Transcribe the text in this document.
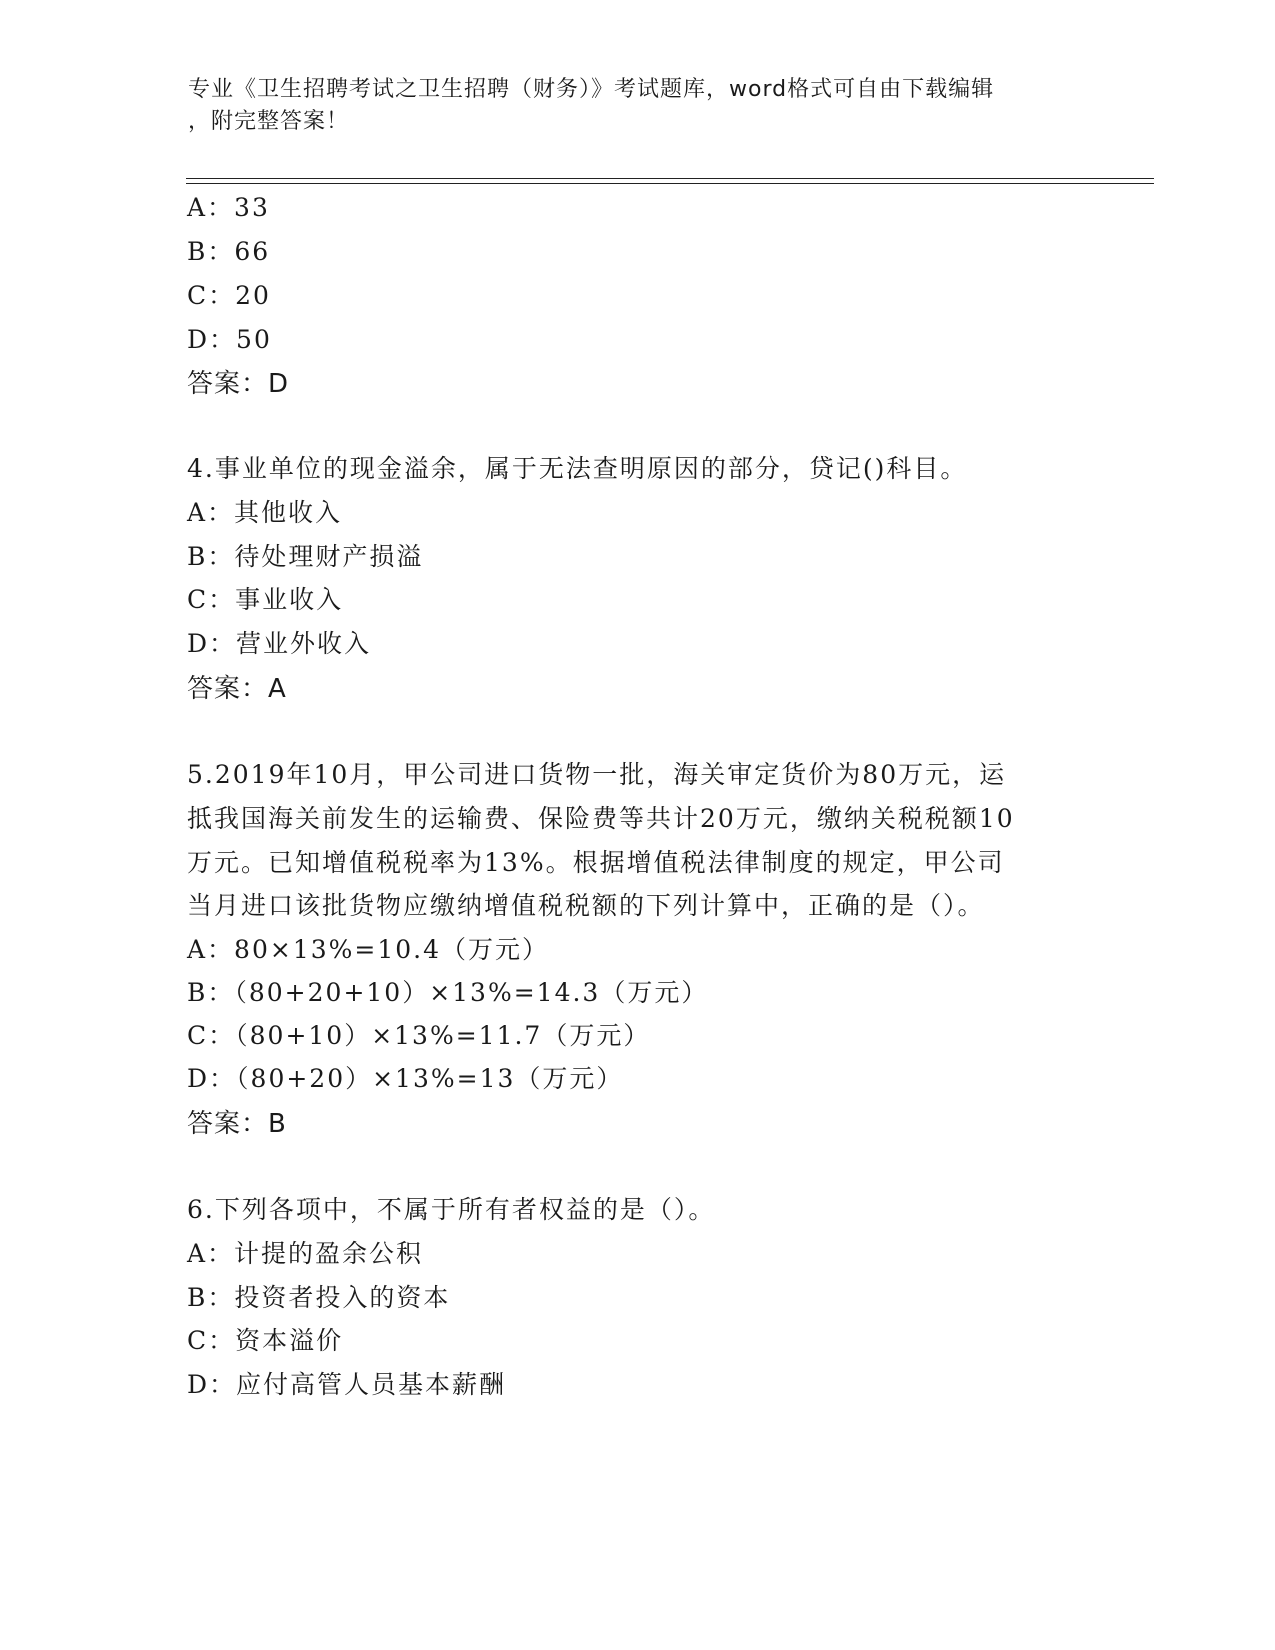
专业《卫生招聘考试之卫生招聘（财务）》考试题库，word格式可自由下载编辑
，附完整答案！
A：33
B：66
C：20
D：50
答案：D
4.事业单位的现金溢余，属于无法查明原因的部分，贷记()科目。
A：其他收入
B：待处理财产损溢
C：事业收入
D：营业外收入
答案：A
5.2019年10月，甲公司进口货物一批，海关审定货价为80万元，运
抵我国海关前发生的运输费、保险费等共计20万元，缴纳关税税额10
万元。已知增值税税率为13%。根据增值税法律制度的规定，甲公司
当月进口该批货物应缴纳增值税税额的下列计算中，正确的是（）。
A：80×13%=10.4（万元）
B：（80+20+10）×13%=14.3（万元）
C：（80+10）×13%=11.7（万元）
D：（80+20）×13%=13（万元）
答案：B
6.下列各项中，不属于所有者权益的是（）。
A：计提的盈余公积
B：投资者投入的资本
C：资本溢价
D：应付高管人员基本薪酬
